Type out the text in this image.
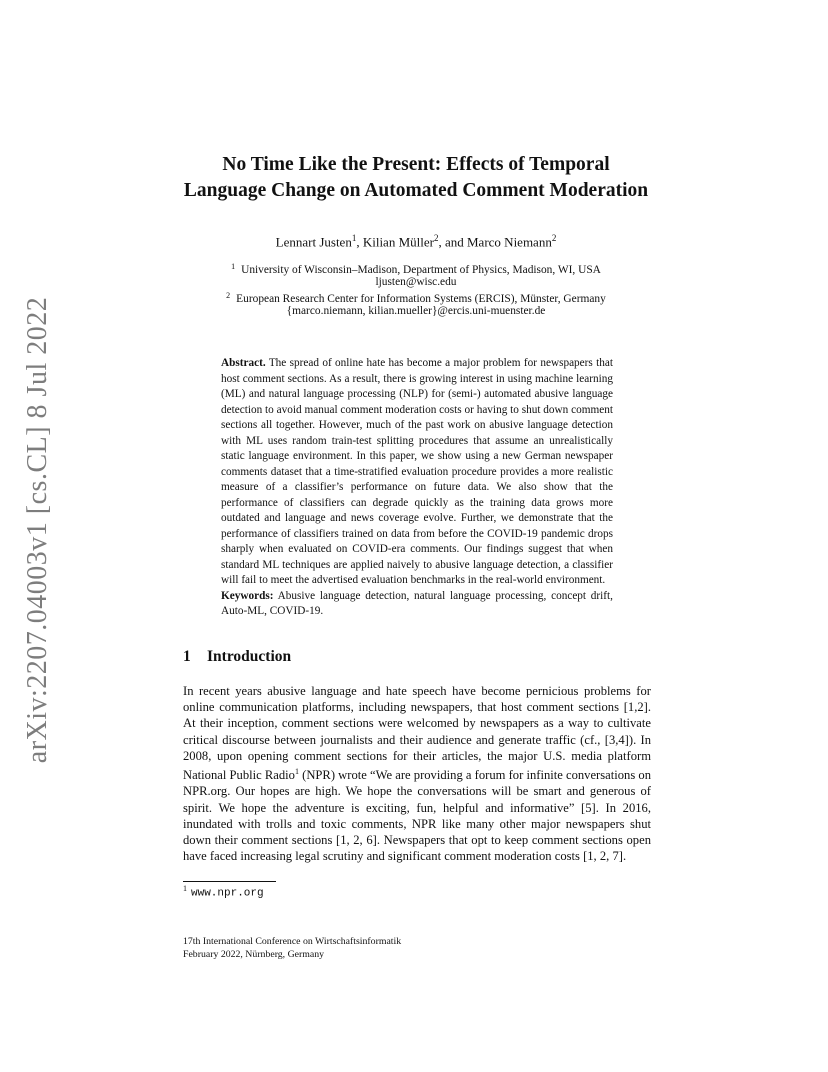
arXiv:2207.04003v1 [cs.CL] 8 Jul 2022
No Time Like the Present: Effects of Temporal
Language Change on Automated Comment Moderation
Lennart Justen$^1$, Kilian Müller$^2$, and Marco Niemann$^2$
$^1$ University of Wisconsin–Madison, Department of Physics, Madison, WI, USA
ljusten@wisc.edu
$^2$ European Research Center for Information Systems (ERCIS), Münster, Germany
{marco.niemann, kilian.mueller}@ercis.uni-muenster.de

Abstract. The spread of online hate has become a major problem for newspapers that host comment sections. As a result, there is growing interest in using machine learning (ML) and natural language processing (NLP) for (semi-) automated abusive language detection to avoid manual comment moderation costs or having to shut down comment sections all together. However, much of the past work on abusive language detection with ML uses random train-test splitting procedures that assume an unrealistically static language environment. In this paper, we show using a new German newspaper comments dataset that a time-stratified evaluation procedure provides a more realistic measure of a classifier’s performance on future data. We also show that the performance of classifiers can degrade quickly as the training data grows more outdated and language and news coverage evolve. Further, we demonstrate that the performance of classifiers trained on data from before the COVID-19 pandemic drops sharply when evaluated on COVID-era comments. Our findings suggest that when standard ML techniques are applied naively to abusive language detection, a classifier will fail to meet the advertised evaluation benchmarks in the real-world environment.

Keywords: Abusive language detection, natural language processing, concept drift, Auto-ML, COVID-19.

1 Introduction

In recent years abusive language and hate speech have become pernicious problems for online communication platforms, including newspapers, that host comment sections [1,2]. At their inception, comment sections were welcomed by newspapers as a way to cultivate critical discourse between journalists and their audience and generate traffic (cf., [3,4]). In 2008, upon opening comment sections for their articles, the major U.S. media platform National Public Radio$^1$ (NPR) wrote “We are providing a forum for infinite conversations on NPR.org. Our hopes are high. We hope the conversations will be smart and generous of spirit. We hope the adventure is exciting, fun, helpful and informative” [5]. In 2016, inundated with trolls and toxic comments, NPR like many other major newspapers shut down their comment sections [1, 2, 6]. Newspapers that opt to keep comment sections open have faced increasing legal scrutiny and significant comment moderation costs [1, 2, 7].

$^1$ www.npr.org
17th International Conference on Wirtschaftsinformatik
February 2022, Nürnberg, Germany
